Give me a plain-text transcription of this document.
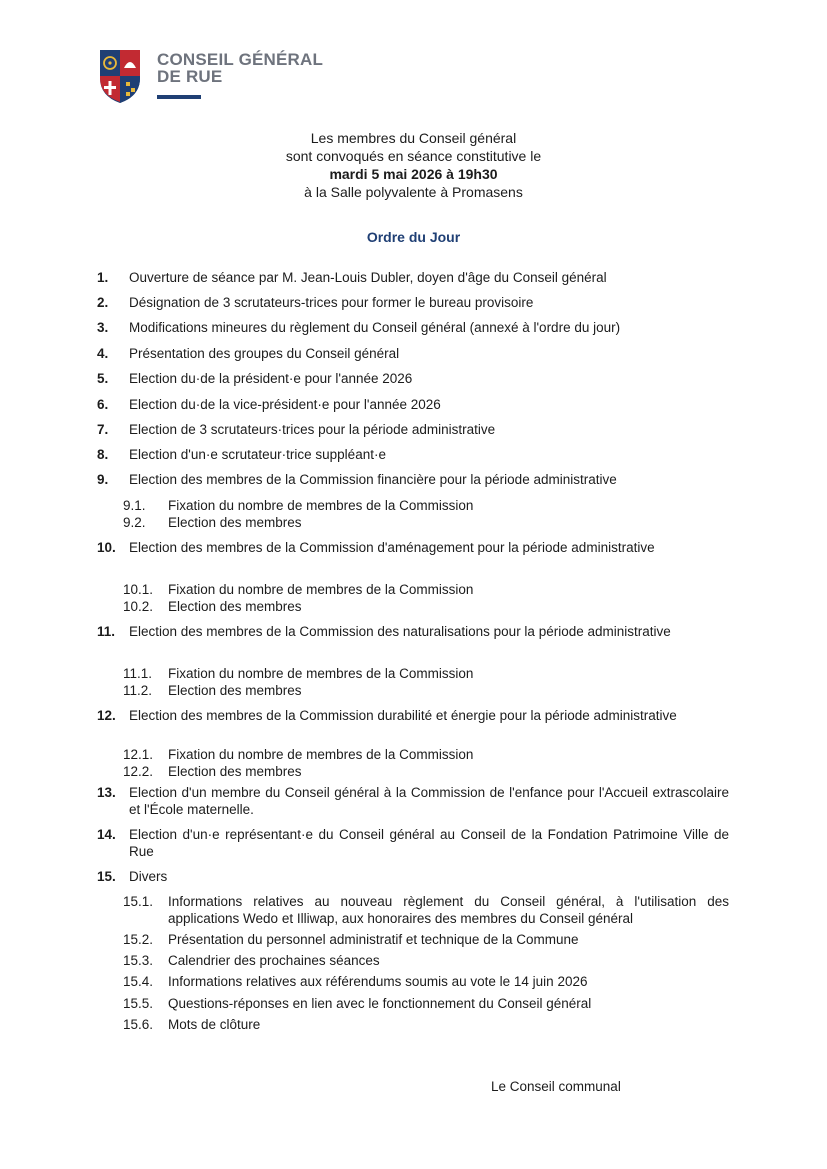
CONSEIL GÉNÉRAL
DE RUE
Les membres du Conseil général
sont convoqués en séance constitutive le
mardi 5 mai 2026 à 19h30
à la Salle polyvalente à Promasens
Ordre du Jour
1. Ouverture de séance par M. Jean-Louis Dubler, doyen d'âge du Conseil général
2. Désignation de 3 scrutateurs-trices pour former le bureau provisoire
3. Modifications mineures du règlement du Conseil général (annexé à l'ordre du jour)
4. Présentation des groupes du Conseil général
5. Election du·de la président·e pour l'année 2026
6. Election du·de la vice-président·e pour l'année 2026
7. Election de 3 scrutateurs·trices pour la période administrative
8. Election d'un·e scrutateur·trice suppléant·e
9. Election des membres de la Commission financière pour la période administrative
9.1. Fixation du nombre de membres de la Commission
9.2. Election des membres
10. Election des membres de la Commission d'aménagement pour la période administrative
10.1. Fixation du nombre de membres de la Commission
10.2. Election des membres
11. Election des membres de la Commission des naturalisations pour la période administrative
11.1. Fixation du nombre de membres de la Commission
11.2. Election des membres
12. Election des membres de la Commission durabilité et énergie pour la période administrative
12.1. Fixation du nombre de membres de la Commission
12.2. Election des membres
13. Election d'un membre du Conseil général à la Commission de l'enfance pour l'Accueil extrascolaire et l'École maternelle.
14. Election d'un·e représentant·e du Conseil général au Conseil de la Fondation Patrimoine Ville de Rue
15. Divers
15.1. Informations relatives au nouveau règlement du Conseil général, à l'utilisation des applications Wedo et Illiwap, aux honoraires des membres du Conseil général
15.2. Présentation du personnel administratif et technique de la Commune
15.3. Calendrier des prochaines séances
15.4. Informations relatives aux référendums soumis au vote le 14 juin 2026
15.5. Questions-réponses en lien avec le fonctionnement du Conseil général
15.6. Mots de clôture
Le Conseil communal
